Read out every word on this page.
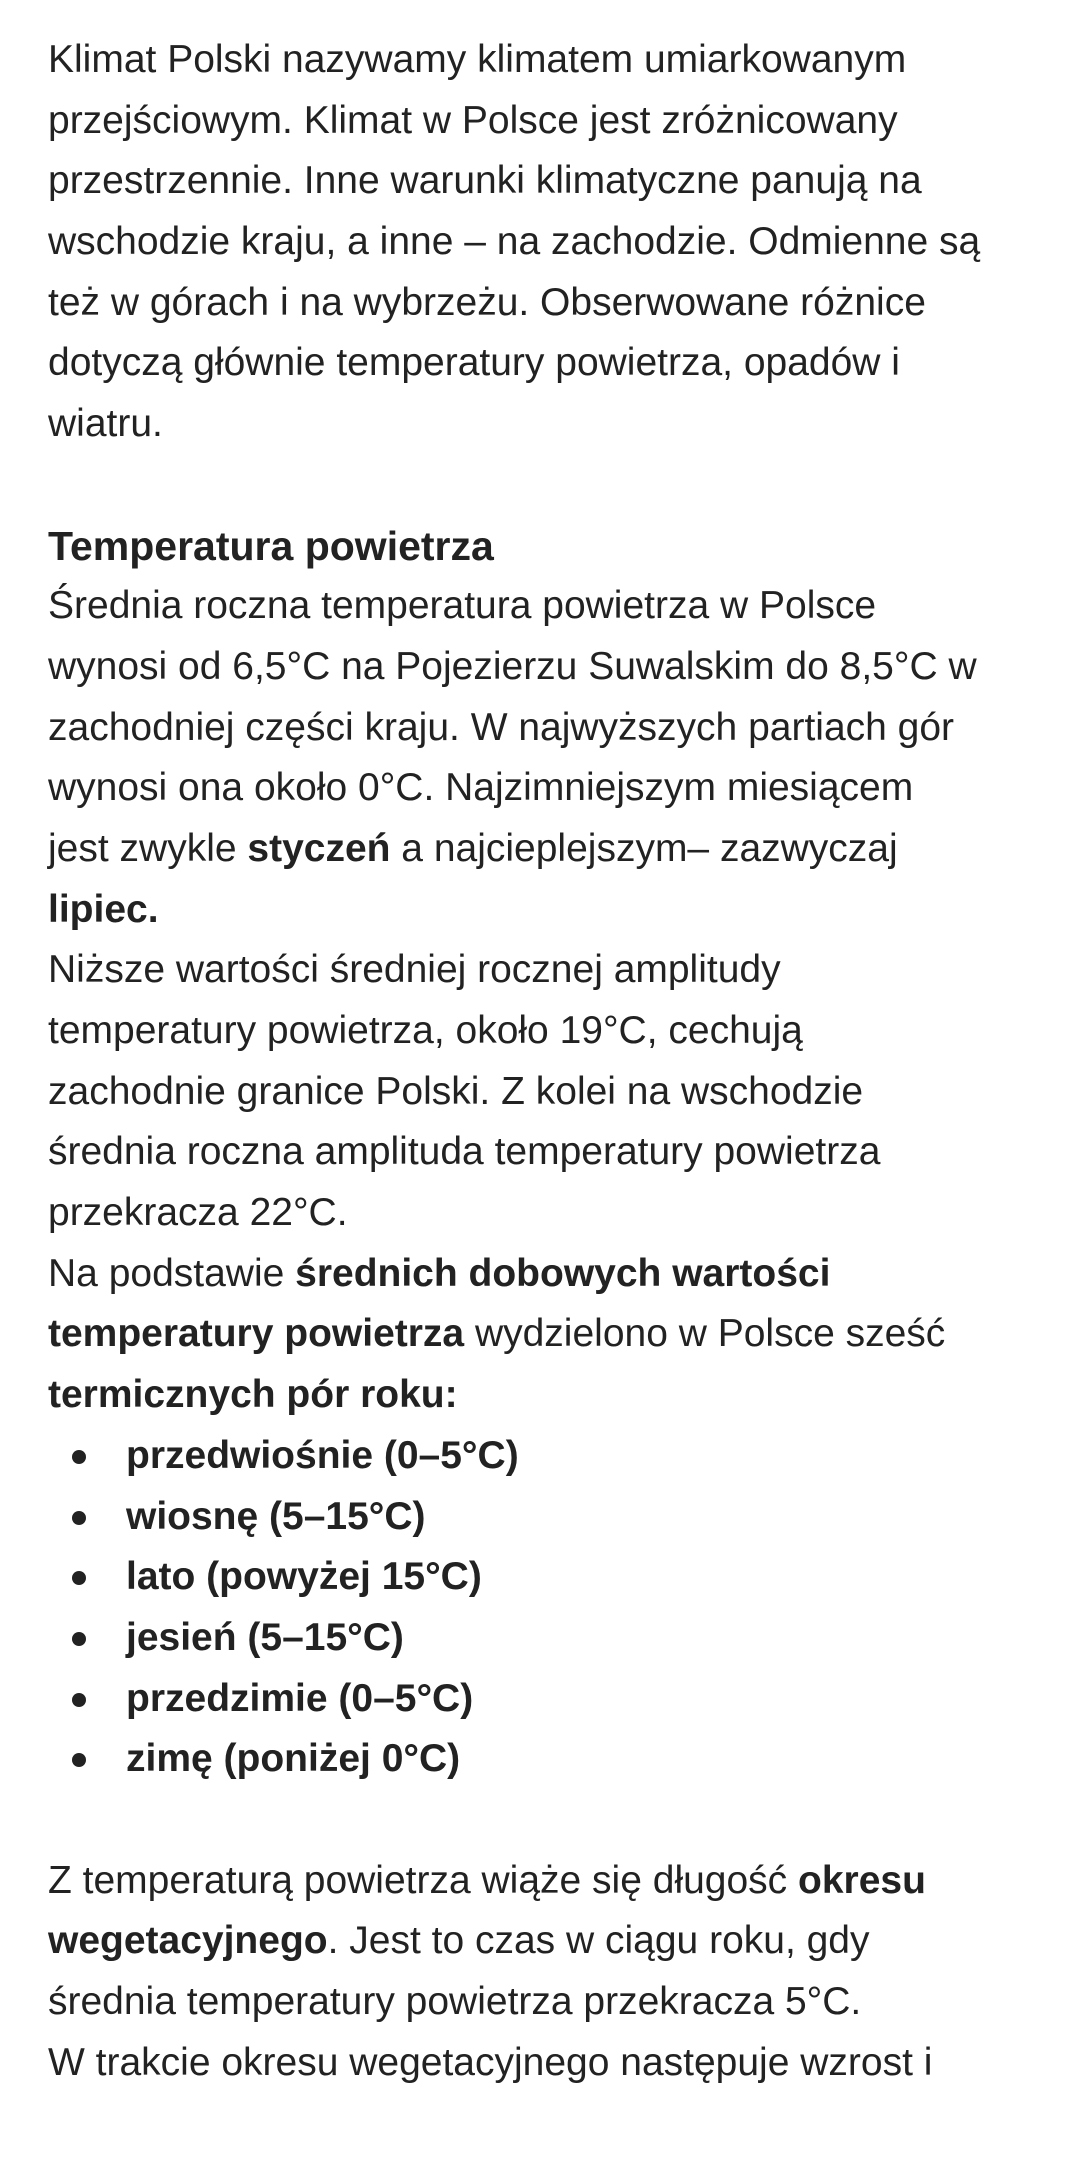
Klimat Polski nazywamy klimatem umiarkowanym
przejściowym. Klimat w Polsce jest zróżnicowany
przestrzennie. Inne warunki klimatyczne panują na
wschodzie kraju, a inne – na zachodzie. Odmienne są
też w górach i na wybrzeżu. Obserwowane różnice
dotyczą głównie temperatury powietrza, opadów i
wiatru.
Temperatura powietrza
Średnia roczna temperatura powietrza w Polsce
wynosi od 6,5°C na Pojezierzu Suwalskim do 8,5°C w
zachodniej części kraju. W najwyższych partiach gór
wynosi ona około 0°C. Najzimniejszym miesiącem
jest zwykle styczeń a najcieplejszym– zazwyczaj
lipiec.
Niższe wartości średniej rocznej amplitudy
temperatury powietrza, około 19°C, cechują
zachodnie granice Polski. Z kolei na wschodzie
średnia roczna amplituda temperatury powietrza
przekracza 22°C.
Na podstawie średnich dobowych wartości
temperatury powietrza wydzielono w Polsce sześć
termicznych pór roku:
przedwiośnie (0–5°C)
wiosnę (5–15°C)
lato (powyżej 15°C)
jesień (5–15°C)
przedzimie (0–5°C)
zimę (poniżej 0°C)
Z temperaturą powietrza wiąże się długość okresu
wegetacyjnego. Jest to czas w ciągu roku, gdy
średnia temperatury powietrza przekracza 5°C.
W trakcie okresu wegetacyjnego następuje wzrost i
